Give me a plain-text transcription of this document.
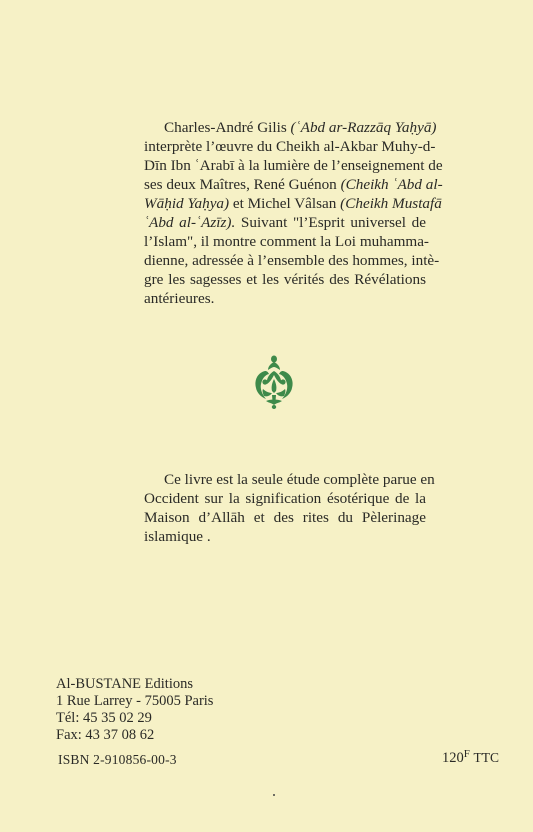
Charles-André Gilis (ʿAbd ar-Razzāq Yaḥyā)
interprète l’œuvre du Cheikh al-Akbar Muhy-d-
Dīn Ibn ʿArabī à la lumière de l’enseignement de
ses deux Maîtres, René Guénon (Cheikh ʿAbd al-
Wāḥid Yaḥya) et Michel Vâlsan (Cheikh Mustafā
ʿAbd al-ʿAzīz). Suivant "l’Esprit universel de
l’Islam", il montre comment la Loi muhamma-
dienne, adressée à l’ensemble des hommes, intè-
gre les sagesses et les vérités des Révélations
antérieures.
Ce livre est la seule étude complète parue en
Occident sur la signification ésotérique de la
Maison d’Allāh et des rites du Pèlerinage
islamique .
Al-BUSTANE Editions
1 Rue Larrey - 75005 Paris
Tél: 45 35 02 29
Fax: 43 37 08 62
ISBN 2-910856-00-3	$120^F$ TTC
